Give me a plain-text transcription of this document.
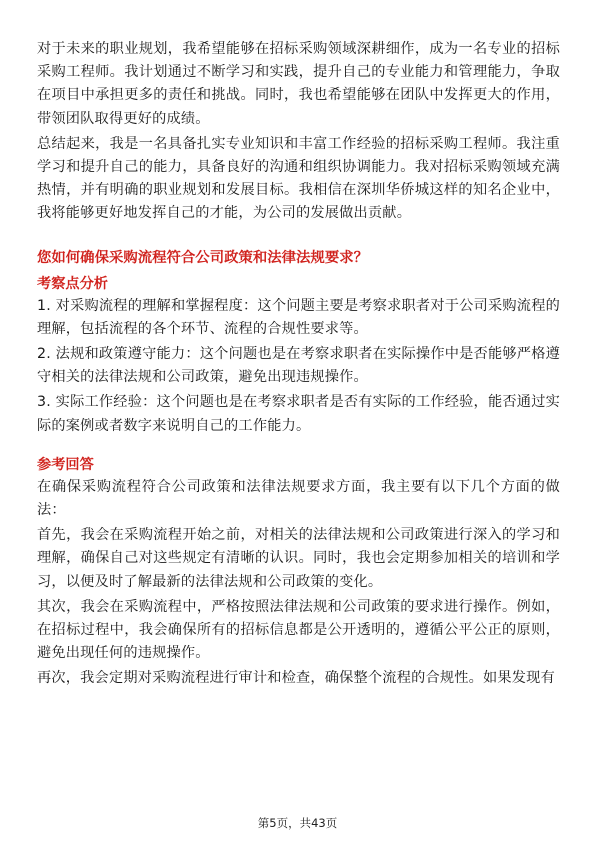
对于未来的职业规划，我希望能够在招标采购领域深耕细作，成为一名专业的招标采购工程师。我计划通过不断学习和实践，提升自己的专业能力和管理能力，争取在项目中承担更多的责任和挑战。同时，我也希望能够在团队中发挥更大的作用，带领团队取得更好的成绩。

总结起来，我是一名具备扎实专业知识和丰富工作经验的招标采购工程师。我注重学习和提升自己的能力，具备良好的沟通和组织协调能力。我对招标采购领域充满热情，并有明确的职业规划和发展目标。我相信在深圳华侨城这样的知名企业中，我将能够更好地发挥自己的才能，为公司的发展做出贡献。

您如何确保采购流程符合公司政策和法律法规要求？

考察点分析

1. 对采购流程的理解和掌握程度：这个问题主要是考察求职者对于公司采购流程的理解，包括流程的各个环节、流程的合规性要求等。

2. 法规和政策遵守能力：这个问题也是在考察求职者在实际操作中是否能够严格遵守相关的法律法规和公司政策，避免出现违规操作。

3. 实际工作经验：这个问题也是在考察求职者是否有实际的工作经验，能否通过实际的案例或者数字来说明自己的工作能力。

参考回答

在确保采购流程符合公司政策和法律法规要求方面，我主要有以下几个方面的做法：

首先，我会在采购流程开始之前，对相关的法律法规和公司政策进行深入的学习和理解，确保自己对这些规定有清晰的认识。同时，我也会定期参加相关的培训和学习，以便及时了解最新的法律法规和公司政策的变化。

其次，我会在采购流程中，严格按照法律法规和公司政策的要求进行操作。例如，在招标过程中，我会确保所有的招标信息都是公开透明的，遵循公平公正的原则，避免出现任何的违规操作。

再次，我会定期对采购流程进行审计和检查，确保整个流程的合规性。如果发现有

第5页，共43页
